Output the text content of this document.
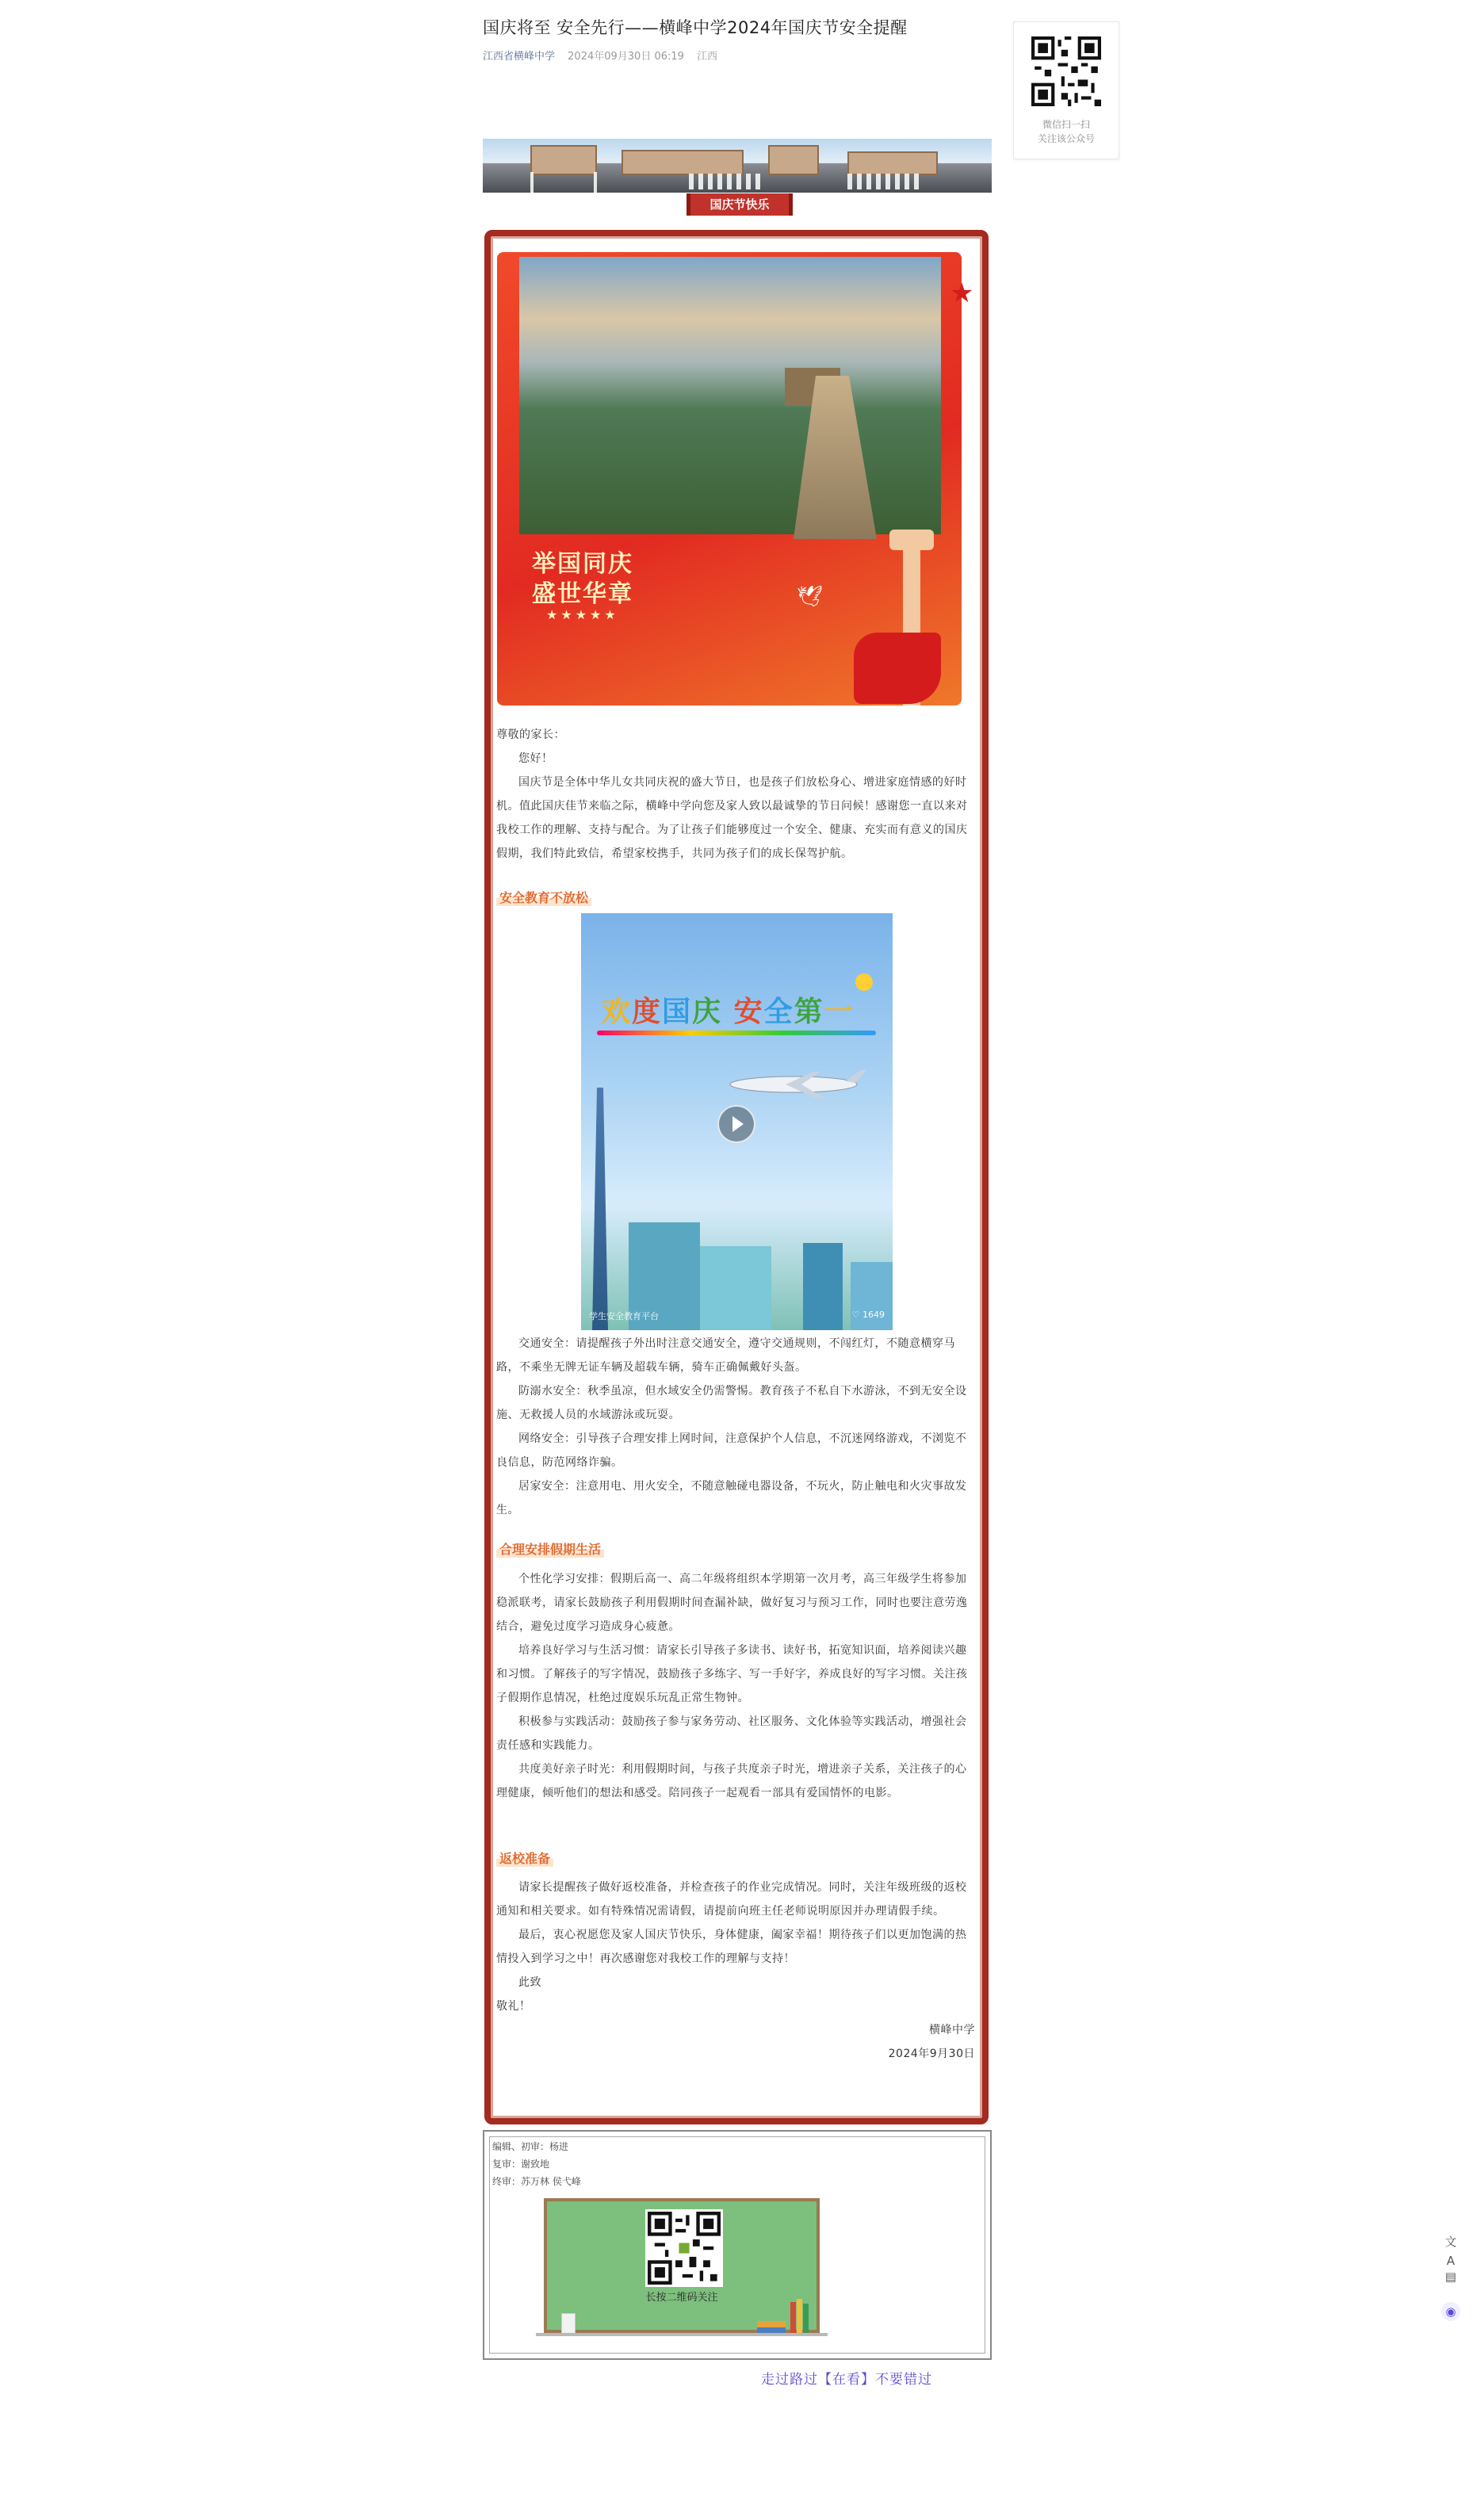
国庆将至 安全先行——横峰中学2024年国庆节安全提醒
江西省横峰中学 2024年09月30日 06:19 江西
微信扫一扫
关注该公众号
国庆节快乐
举国同庆
盛世华章
★★★★★
🕊
★

尊敬的家长：

您好！

国庆节是全体中华儿女共同庆祝的盛大节日，也是孩子们放松身心、增进家庭情感的好时机。值此国庆佳节来临之际，横峰中学向您及家人致以最诚挚的节日问候！感谢您一直以来对我校工作的理解、支持与配合。为了让孩子们能够度过一个安全、健康、充实而有意义的国庆假期，我们特此致信，希望家校携手，共同为孩子们的成长保驾护航。

安全教育不放松
欢度国庆 安全第一
学生安全教育平台	♡ 1649

交通安全：请提醒孩子外出时注意交通安全，遵守交通规则，不闯红灯，不随意横穿马路，不乘坐无牌无证车辆及超载车辆，骑车正确佩戴好头盔。

防溺水安全：秋季虽凉，但水域安全仍需警惕。教育孩子不私自下水游泳，不到无安全设施、无救援人员的水域游泳或玩耍。

网络安全：引导孩子合理安排上网时间，注意保护个人信息，不沉迷网络游戏，不浏览不良信息，防范网络诈骗。

居家安全：注意用电、用火安全，不随意触碰电器设备，不玩火，防止触电和火灾事故发生。

合理安排假期生活

个性化学习安排：假期后高一、高二年级将组织本学期第一次月考，高三年级学生将参加稳派联考，请家长鼓励孩子利用假期时间查漏补缺，做好复习与预习工作，同时也要注意劳逸结合，避免过度学习造成身心疲惫。

培养良好学习与生活习惯：请家长引导孩子多读书、读好书，拓宽知识面，培养阅读兴趣和习惯。了解孩子的写字情况，鼓励孩子多练字、写一手好字，养成良好的写字习惯。关注孩子假期作息情况，杜绝过度娱乐玩乱正常生物钟。

积极参与实践活动：鼓励孩子参与家务劳动、社区服务、文化体验等实践活动，增强社会责任感和实践能力。

共度美好亲子时光：利用假期时间，与孩子共度亲子时光，增进亲子关系，关注孩子的心理健康，倾听他们的想法和感受。陪同孩子一起观看一部具有爱国情怀的电影。

返校准备

请家长提醒孩子做好返校准备，并检查孩子的作业完成情况。同时，关注年级班级的返校通知和相关要求。如有特殊情况需请假，请提前向班主任老师说明原因并办理请假手续。

最后，衷心祝愿您及家人国庆节快乐，身体健康，阖家幸福！期待孩子们以更加饱满的热情投入到学习之中！再次感谢您对我校工作的理解与支持！

此致

敬礼！

横峰中学

2024年9月30日

编辑、初审：杨进
复审：谢致地
终审：苏万林 侯弋峰
长按二维码关注
走过路过【在看】不要错过
文A
▤
◉
